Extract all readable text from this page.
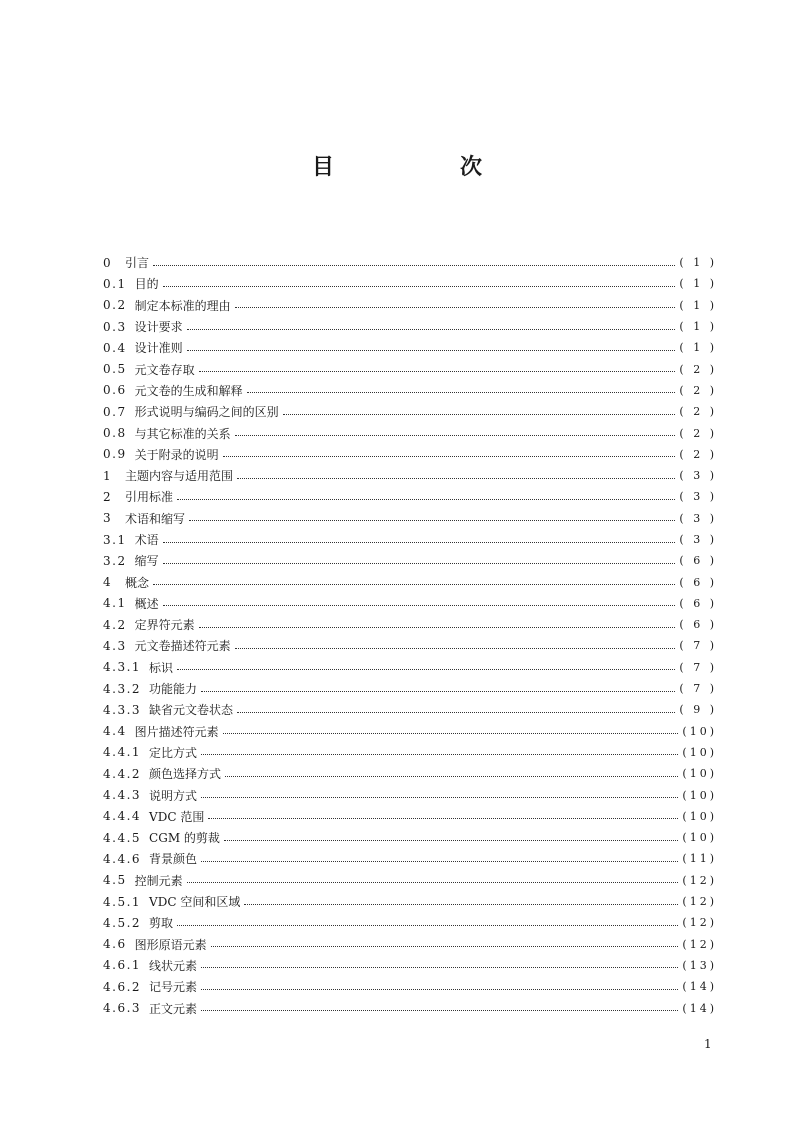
目　次
0	引言	( 1 )
0.1 目的	( 1 )
0.2 制定本标准的理由	( 1 )
0.3 设计要求	( 1 )
0.4 设计准则	( 1 )
0.5 元文卷存取	( 2 )
0.6 元文卷的生成和解释	( 2 )
0.7 形式说明与编码之间的区别	( 2 )
0.8 与其它标准的关系	( 2 )
0.9 关于附录的说明	( 2 )
1	主题内容与适用范围	( 3 )
2	引用标准	( 3 )
3	术语和缩写	( 3 )
3.1 术语	( 3 )
3.2 缩写	( 6 )
4	概念	( 6 )
4.1 概述	( 6 )
4.2 定界符元素	( 6 )
4.3 元文卷描述符元素	( 7 )
4.3.1 标识	( 7 )
4.3.2 功能能力	( 7 )
4.3.3 缺省元文卷状态	( 9 )
4.4 图片描述符元素	(10)
4.4.1 定比方式	(10)
4.4.2 颜色选择方式	(10)
4.4.3 说明方式	(10)
4.4.4 VDC 范围	(10)
4.4.5 CGM 的剪裁	(10)
4.4.6 背景颜色	(11)
4.5 控制元素	(12)
4.5.1 VDC 空间和区域	(12)
4.5.2 剪取	(12)
4.6 图形原语元素	(12)
4.6.1 线状元素	(13)
4.6.2 记号元素	(14)
4.6.3 正文元素	(14)
1
